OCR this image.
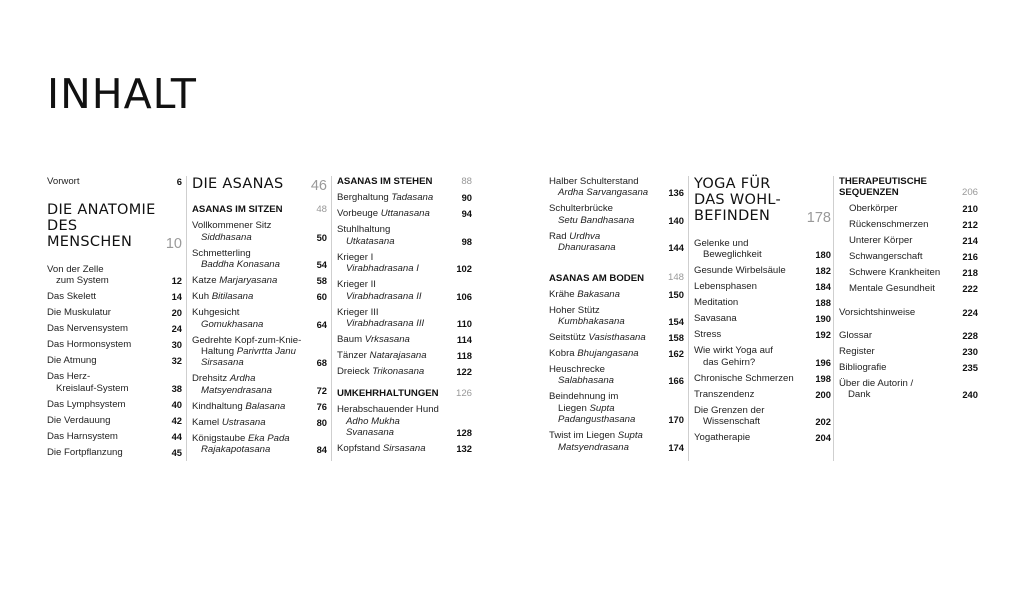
INHALT
Vorwort	6
DIE ANATOMIE
DES MENSCHEN	10
Von der Zelle
zum System	12
Das Skelett	14
Die Muskulatur	20
Das Nervensystem	24
Das Hormonsystem	30
Die Atmung	32
Das Herz-
Kreislauf-System	38
Das Lymphsystem	40
Die Verdauung	42
Das Harnsystem	44
Die Fortpflanzung	45
DIE ASANAS 46
ASANAS IM SITZEN	48
Vollkommener Sitz
Siddhasana	50
Schmetterling
Baddha Konasana	54
Katze Marjaryasana	58
Kuh Bitilasana	60
Kuhgesicht
Gomukhasana	64
Gedrehte Kopf-zum-Knie-
Haltung Parivrtta Janu
Sirsasana	68
Drehsitz Ardha
Matsyendrasana	72
Kindhaltung Balasana	76
Kamel Ustrasana	80
Königstaube Eka Pada
Rajakapotasana	84
ASANAS IM STEHEN	88
Berghaltung Tadasana	90
Vorbeuge Uttanasana	94
Stuhlhaltung
Utkatasana	98
Krieger I
Virabhadrasana I	102
Krieger II
Virabhadrasana II	106
Krieger III
Virabhadrasana III	110
Baum Vrksasana	114
Tänzer Natarajasana	118
Dreieck Trikonasana	122
UMKEHRHALTUNGEN 126
Herabschauender Hund
Adho Mukha
Svanasana	128
Kopfstand Sirsasana	132
Halber Schulterstand
Ardha Sarvangasana	136
Schulterbrücke
Setu Bandhasana	140
Rad Urdhva
Dhanurasana	144
ASANAS AM BODEN 148
Krähe Bakasana	150
Hoher Stütz
Kumbhakasana	154
Seitstütz Vasisthasana	158
Kobra Bhujangasana	162
Heuschrecke
Salabhasana	166
Beindehnung im
Liegen Supta
Padangusthasana	170
Twist im Liegen Supta
Matsyendrasana	174
YOGA FÜR
DAS WOHL-
BEFINDEN	178
Gelenke und
Beweglichkeit	180
Gesunde Wirbelsäule	182
Lebensphasen	184
Meditation	188
Savasana	190
Stress	192
Wie wirkt Yoga auf
das Gehirn?	196
Chronische Schmerzen	198
Transzendenz	200
Die Grenzen der
Wissenschaft	202
Yogatherapie	204
THERAPEUTISCHE
SEQUENZEN	206
Oberkörper	210
Rückenschmerzen	212
Unterer Körper	214
Schwangerschaft	216
Schwere Krankheiten	218
Mentale Gesundheit	222
Vorsichtshinweise	224
Glossar	228
Register	230
Bibliografie	235
Über die Autorin /
Dank	240
